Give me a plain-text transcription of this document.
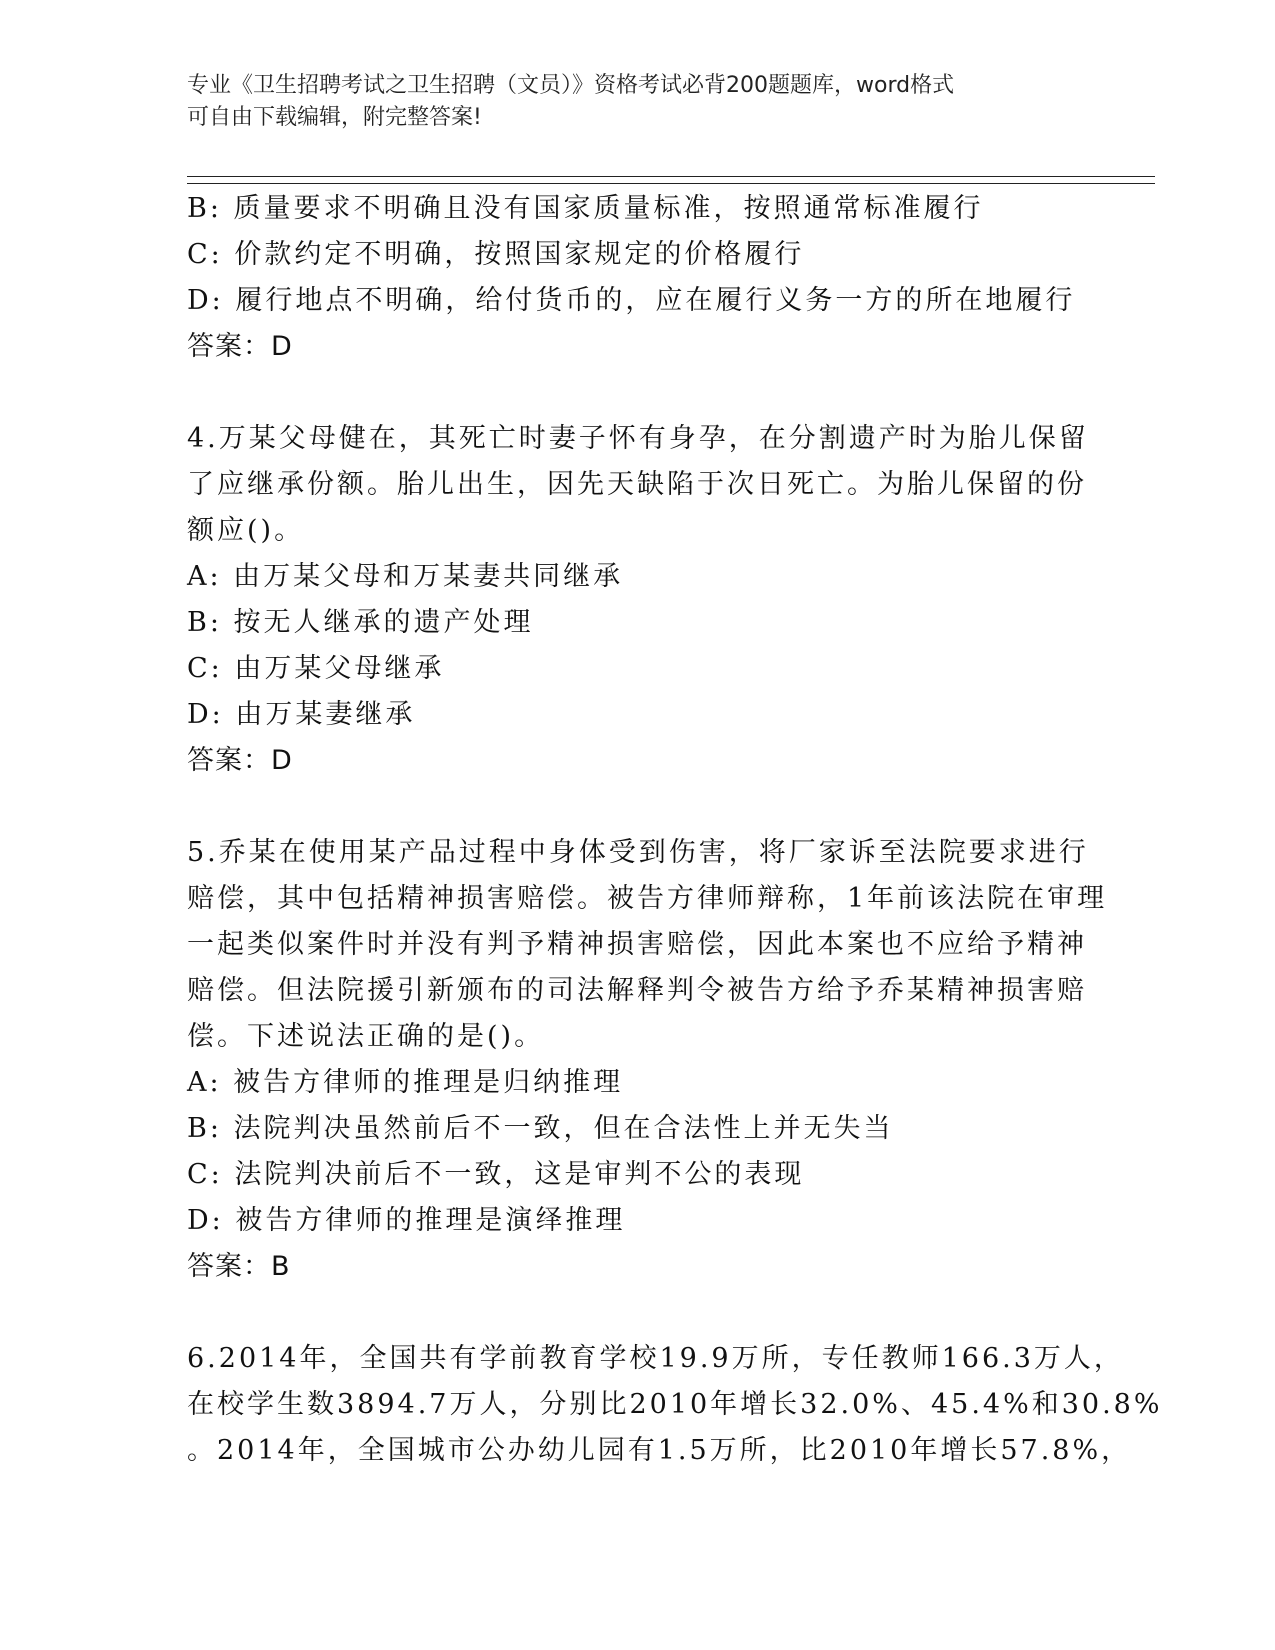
专业《卫生招聘考试之卫生招聘（文员）》资格考试必背200题题库，word格式
可自由下载编辑，附完整答案!
B: 质量要求不明确且没有国家质量标准，按照通常标准履行
C: 价款约定不明确，按照国家规定的价格履行
D: 履行地点不明确，给付货币的，应在履行义务一方的所在地履行
答案：D
4.万某父母健在，其死亡时妻子怀有身孕，在分割遗产时为胎儿保留
了应继承份额。胎儿出生，因先天缺陷于次日死亡。为胎儿保留的份
额应()。
A: 由万某父母和万某妻共同继承
B: 按无人继承的遗产处理
C: 由万某父母继承
D: 由万某妻继承
答案：D
5.乔某在使用某产品过程中身体受到伤害，将厂家诉至法院要求进行
赔偿，其中包括精神损害赔偿。被告方律师辩称，1年前该法院在审理
一起类似案件时并没有判予精神损害赔偿，因此本案也不应给予精神
赔偿。但法院援引新颁布的司法解释判令被告方给予乔某精神损害赔
偿。下述说法正确的是()。
A: 被告方律师的推理是归纳推理
B: 法院判决虽然前后不一致，但在合法性上并无失当
C: 法院判决前后不一致，这是审判不公的表现
D: 被告方律师的推理是演绎推理
答案：B
6.2014年，全国共有学前教育学校19.9万所，专任教师166.3万人，
在校学生数3894.7万人，分别比2010年增长32.0%、45.4%和30.8%
。2014年，全国城市公办幼儿园有1.5万所，比2010年增长57.8%，
